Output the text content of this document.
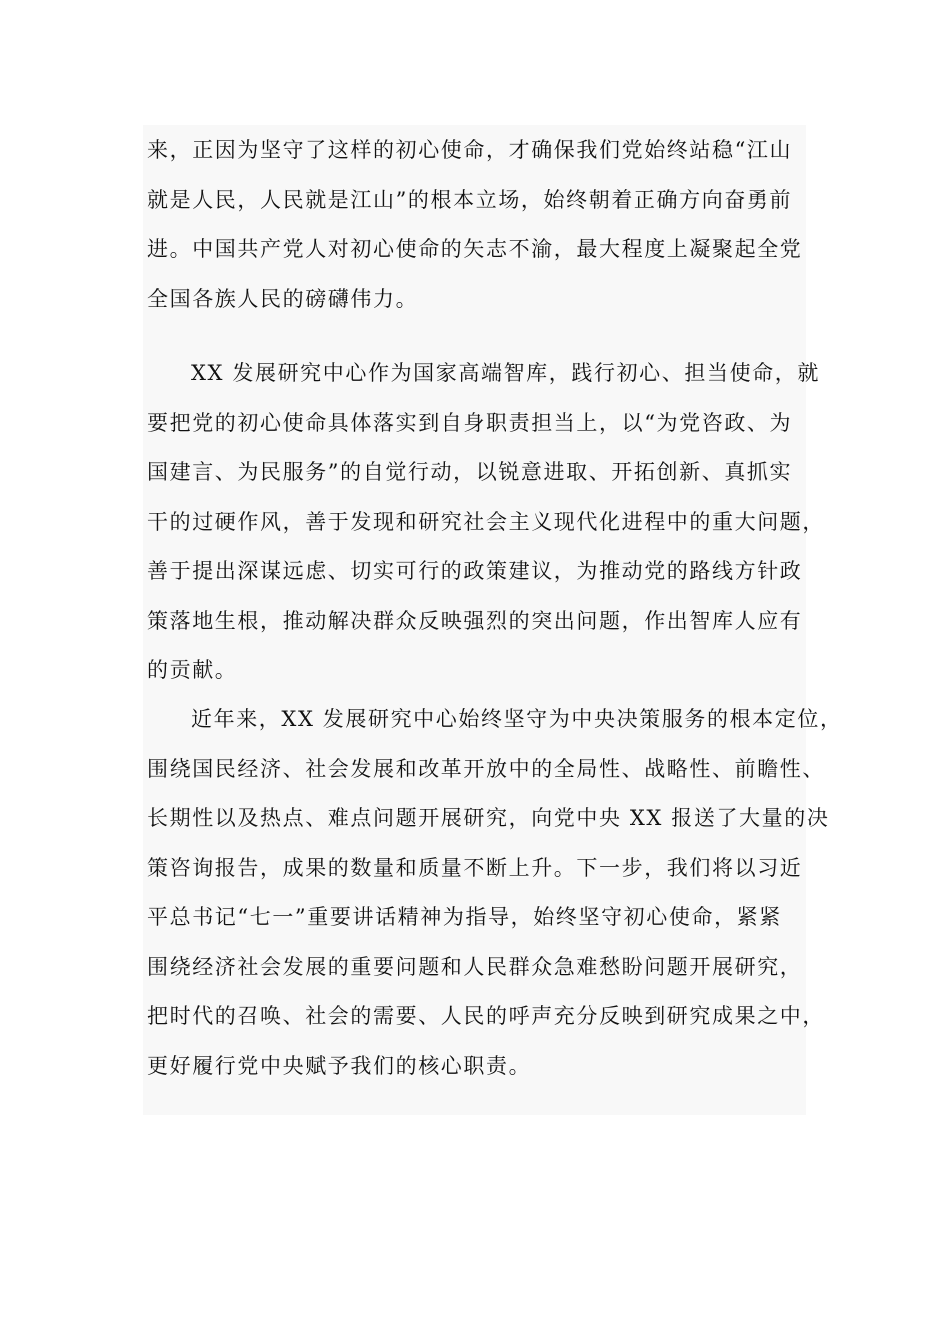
来，正因为坚守了这样的初心使命，才确保我们党始终站稳“江山
就是人民，人民就是江山”的根本立场，始终朝着正确方向奋勇前
进。中国共产党人对初心使命的矢志不渝，最大程度上凝聚起全党
全国各族人民的磅礴伟力。

XX 发展研究中心作为国家高端智库，践行初心、担当使命，就
要把党的初心使命具体落实到自身职责担当上，以“为党咨政、为
国建言、为民服务”的自觉行动，以锐意进取、开拓创新、真抓实
干的过硬作风，善于发现和研究社会主义现代化进程中的重大问题，
善于提出深谋远虑、切实可行的政策建议，为推动党的路线方针政
策落地生根，推动解决群众反映强烈的突出问题，作出智库人应有
的贡献。

近年来，XX 发展研究中心始终坚守为中央决策服务的根本定位，
围绕国民经济、社会发展和改革开放中的全局性、战略性、前瞻性、
长期性以及热点、难点问题开展研究，向党中央 XX 报送了大量的决
策咨询报告，成果的数量和质量不断上升。下一步，我们将以习近
平总书记“七一”重要讲话精神为指导，始终坚守初心使命，紧紧
围绕经济社会发展的重要问题和人民群众急难愁盼问题开展研究，
把时代的召唤、社会的需要、人民的呼声充分反映到研究成果之中，
更好履行党中央赋予我们的核心职责。
